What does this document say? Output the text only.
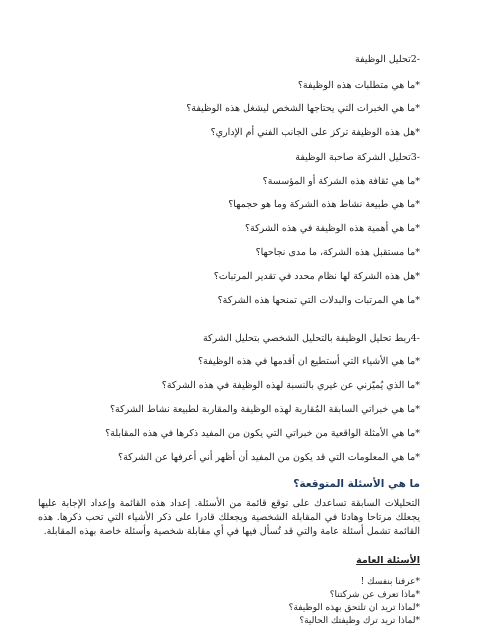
-2تحليل الوظيفة
*ما هي متطلبات هذه الوظيفة؟
*ما هي الخبرات التي يحتاجها الشخص ليشغل هذه الوظيفة؟
*هل هذه الوظيفة تركز على الجانب الفني أم الإداري؟
-3تحليل الشركة صاحبة الوظيفة
*ما هي ثقافة هذه الشركة أو المؤسسة؟
*ما هي طبيعة نشاط هذه الشركة وما هو حجمها؟
*ما هي أهمية هذه الوظيفة في هذه الشركة؟
*ما مستقبل هذه الشركة، ما مدى نجاحها؟
*هل هذه الشركة لها نظام محدد في تقدير المرتبات؟
*ما هي المرتبات والبدلات التي تمنحها هذه الشركة؟
-4ربط تحليل الوظيفة بالتحليل الشخصي بتحليل الشركة
*ما هي الأشياء التي أستطيع ان أقدمها في هذه الوظيفة؟
*ما الذي يُميّزني عن غيري بالنسبة لهذه الوظيفة في هذه الشركة؟
*ما هي خبراتي السابقة المُقاربة لهذه الوظيفة والمقاربة لطبيعة نشاط الشركة؟
*ما هي الأمثلة الواقعية من خبراتي التي يكون من المفيد ذكرها في هذه المقابلة؟
*ما هي المعلومات التي قد يكون من المفيد أن أظهر أني أعرفها عن الشركة؟
ما هي الأسئلة المتوقعة؟
التحليلات السابقة تساعدك على توقع قائمة من الأسئلة. إعداد هذه القائمة وإعداد الإجابة عليها يجعلك مرتاحا وهادئا في المقابلة الشخصية ويجعلك قادرا على ذكر الأشياء التي تحب ذكرها. هذه القائمة تشمل أسئلة عامة والتي قد تُسأل فيها في أي مقابلة شخصية وأسئلة خاصة بهذه المقابلة.
الأسئلة العامة
*عرفنا بنفسك !
*ماذا تعرف عن شركتنا؟
*لماذا تريد ان تلتحق بهذه الوظيفة؟
*لماذا تريد ترك وظيفتك الحالية؟
